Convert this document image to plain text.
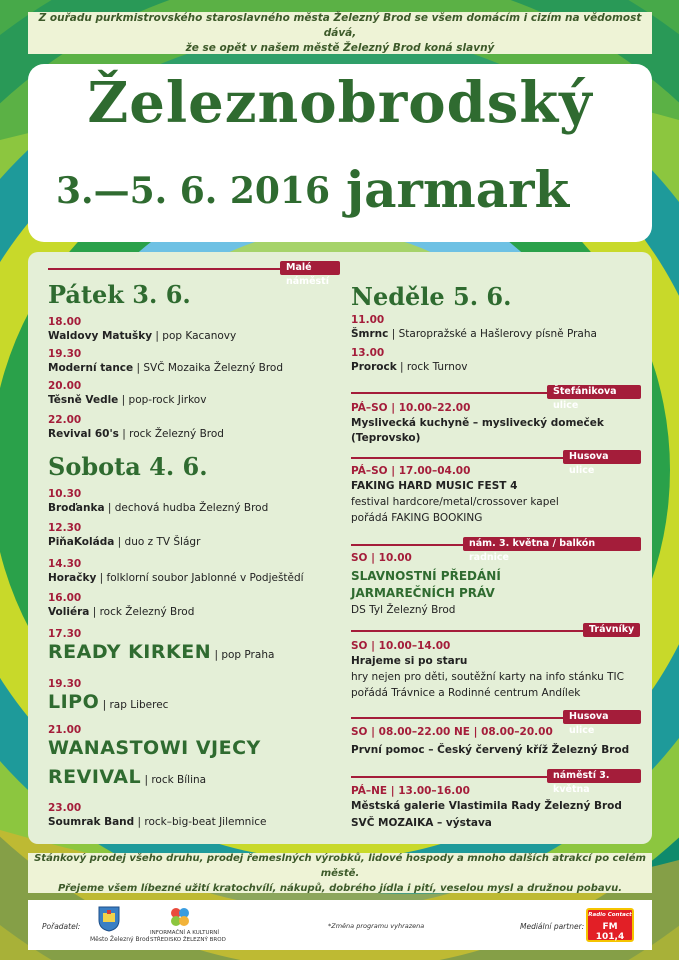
Z ouřadu purkmistrovského staroslavného města Železný Brod se všem domácím i cizím na vědomost dává,
že se opět v našem městě Železný Brod koná slavný
Železnobrodský
3.—5. 6. 2016 jarmark
Malé náměstí
Pátek 3. 6.
18.00
Waldovy Matušky | pop Kacanovy
19.30
Moderní tance | SVČ Mozaika Železný Brod
20.00
Těsně Vedle | pop-rock Jirkov
22.00
Revival 60's | rock Železný Brod
Sobota 4. 6.
10.30
Broďanka | dechová hudba Železný Brod
12.30
PiňaKoláda | duo z TV Šlágr
14.30
Horačky | folklorní soubor Jablonné v Podještědí
16.00
Voliéra | rock Železný Brod
17.30
READY KIRKEN | pop Praha
19.30
LIPO | rap Liberec
21.00
WANASTOWI VJECY
REVIVAL | rock Bílina
23.00
Soumrak Band | rock–big-beat Jilemnice
Neděle 5. 6.
11.00
Šmrnc | Staropražské a Hašlerovy písně Praha
13.00
Prorock | rock Turnov
Štefánikova ulice
PÁ–SO | 10.00–22.00
Myslivecká kuchyně – myslivecký domeček
(Teprovsko)
Husova ulice
PÁ–SO | 17.00–04.00
FAKING HARD MUSIC FEST 4
festival hardcore/metal/crossover kapel
pořádá FAKING BOOKING
nám. 3. května / balkón radnice
SO | 10.00
SLAVNOSTNÍ PŘEDÁNÍ
JARMAREČNÍCH PRÁV
DS Tyl Železný Brod
Trávníky
SO | 10.00–14.00
Hrajeme si po staru
hry nejen pro děti, soutěžní karty na info stánku TIC
pořádá Trávnice a Rodinné centrum Andílek
Husova ulice
SO | 08.00–22.00 NE | 08.00–20.00
První pomoc – Český červený kříž Železný Brod
náměstí 3. května
PÁ–NE | 13.00–16.00
Městská galerie Vlastimila Rady Železný Brod
SVČ MOZAIKA – výstava
Stánkový prodej všeho druhu, prodej řemeslných výrobků, lidové hospody a mnoho dalších atrakcí po celém městě.
Přejeme všem líbezné užití kratochvílí, nákupů, dobrého jídla i pití, veselou mysl a družnou pobavu.
Pořadatel:
Město Železný Brod
INFORMAČNÍ A KULTURNÍ
STŘEDISKO ŽELEZNÝ BROD
*Změna programu vyhrazena	Mediální partner:
Radio Contact
FM 101,4
